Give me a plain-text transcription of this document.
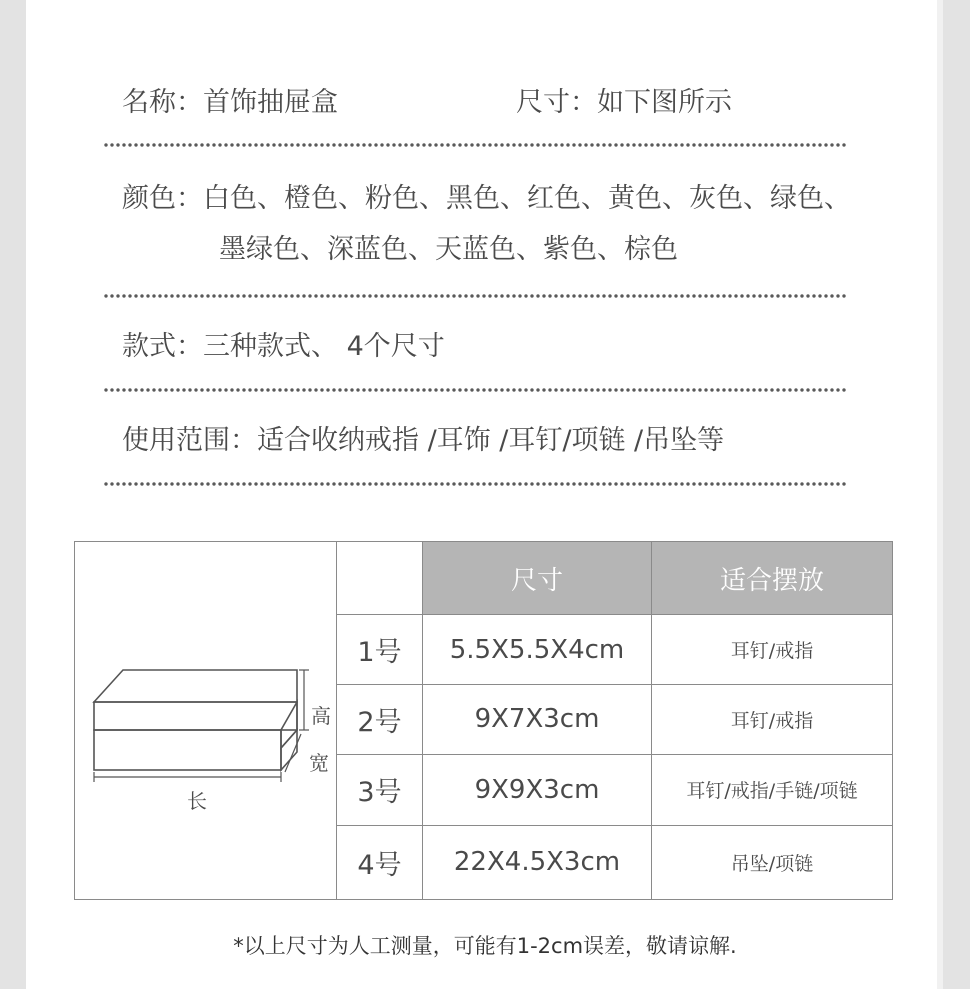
名称：首饰抽屉盒	尺寸：如下图所示
颜色：白色、橙色、粉色、黑色、红色、黄色、灰色、绿色、
墨绿色、深蓝色、天蓝色、紫色、棕色
款式：三种款式、 4个尺寸
使用范围：适合收纳戒指 /耳饰 /耳钉/项链 /吊坠等
高
宽
长		尺寸	适合摆放
	1号	5.5X5.5X4cm	耳钉/戒指
	2号	9X7X3cm	耳钉/戒指
	3号	9X9X3cm	耳钉/戒指/手链/项链
	4号	22X4.5X3cm	吊坠/项链
*以上尺寸为人工测量，可能有1-2cm误差，敬请谅解.
